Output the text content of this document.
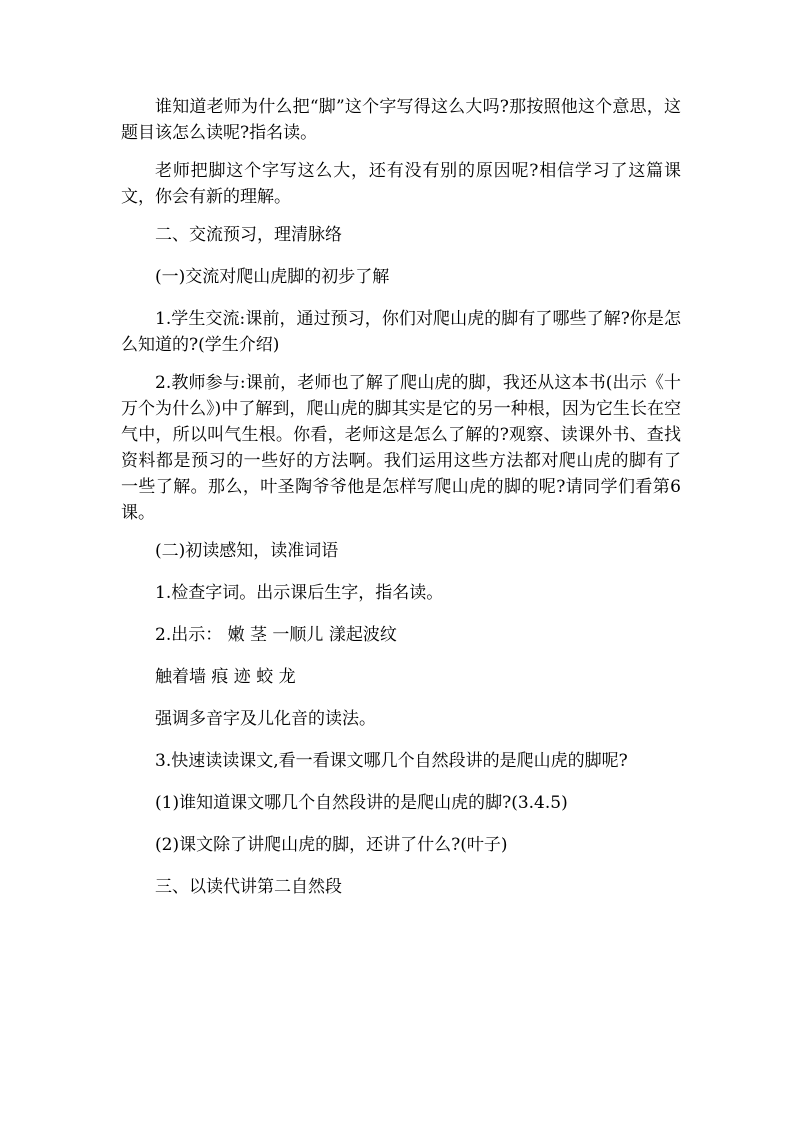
谁知道老师为什么把“脚”这个字写得这么大吗?那按照他这个意思，这题目该怎么读呢?指名读。

老师把脚这个字写这么大，还有没有别的原因呢?相信学习了这篇课文，你会有新的理解。

二、交流预习，理清脉络

(一)交流对爬山虎脚的初步了解

1.学生交流:课前，通过预习，你们对爬山虎的脚有了哪些了解?你是怎么知道的?(学生介绍)

2.教师参与:课前，老师也了解了爬山虎的脚，我还从这本书(出示《十万个为什么》)中了解到，爬山虎的脚其实是它的另一种根，因为它生长在空气中，所以叫气生根。你看，老师这是怎么了解的?观察、读课外书、查找资料都是预习的一些好的方法啊。我们运用这些方法都对爬山虎的脚有了一些了解。那么，叶圣陶爷爷他是怎样写爬山虎的脚的呢?请同学们看第6课。

(二)初读感知，读准词语

1.检查字词。出示课后生字，指名读。

2.出示： 嫩 茎 一顺儿 漾起波纹

触着墙 痕 迹 蛟 龙

强调多音字及儿化音的读法。

3.快速读读课文,看一看课文哪几个自然段讲的是爬山虎的脚呢?

(1)谁知道课文哪几个自然段讲的是爬山虎的脚?(3.4.5)

(2)课文除了讲爬山虎的脚，还讲了什么?(叶子)

三、以读代讲第二自然段
